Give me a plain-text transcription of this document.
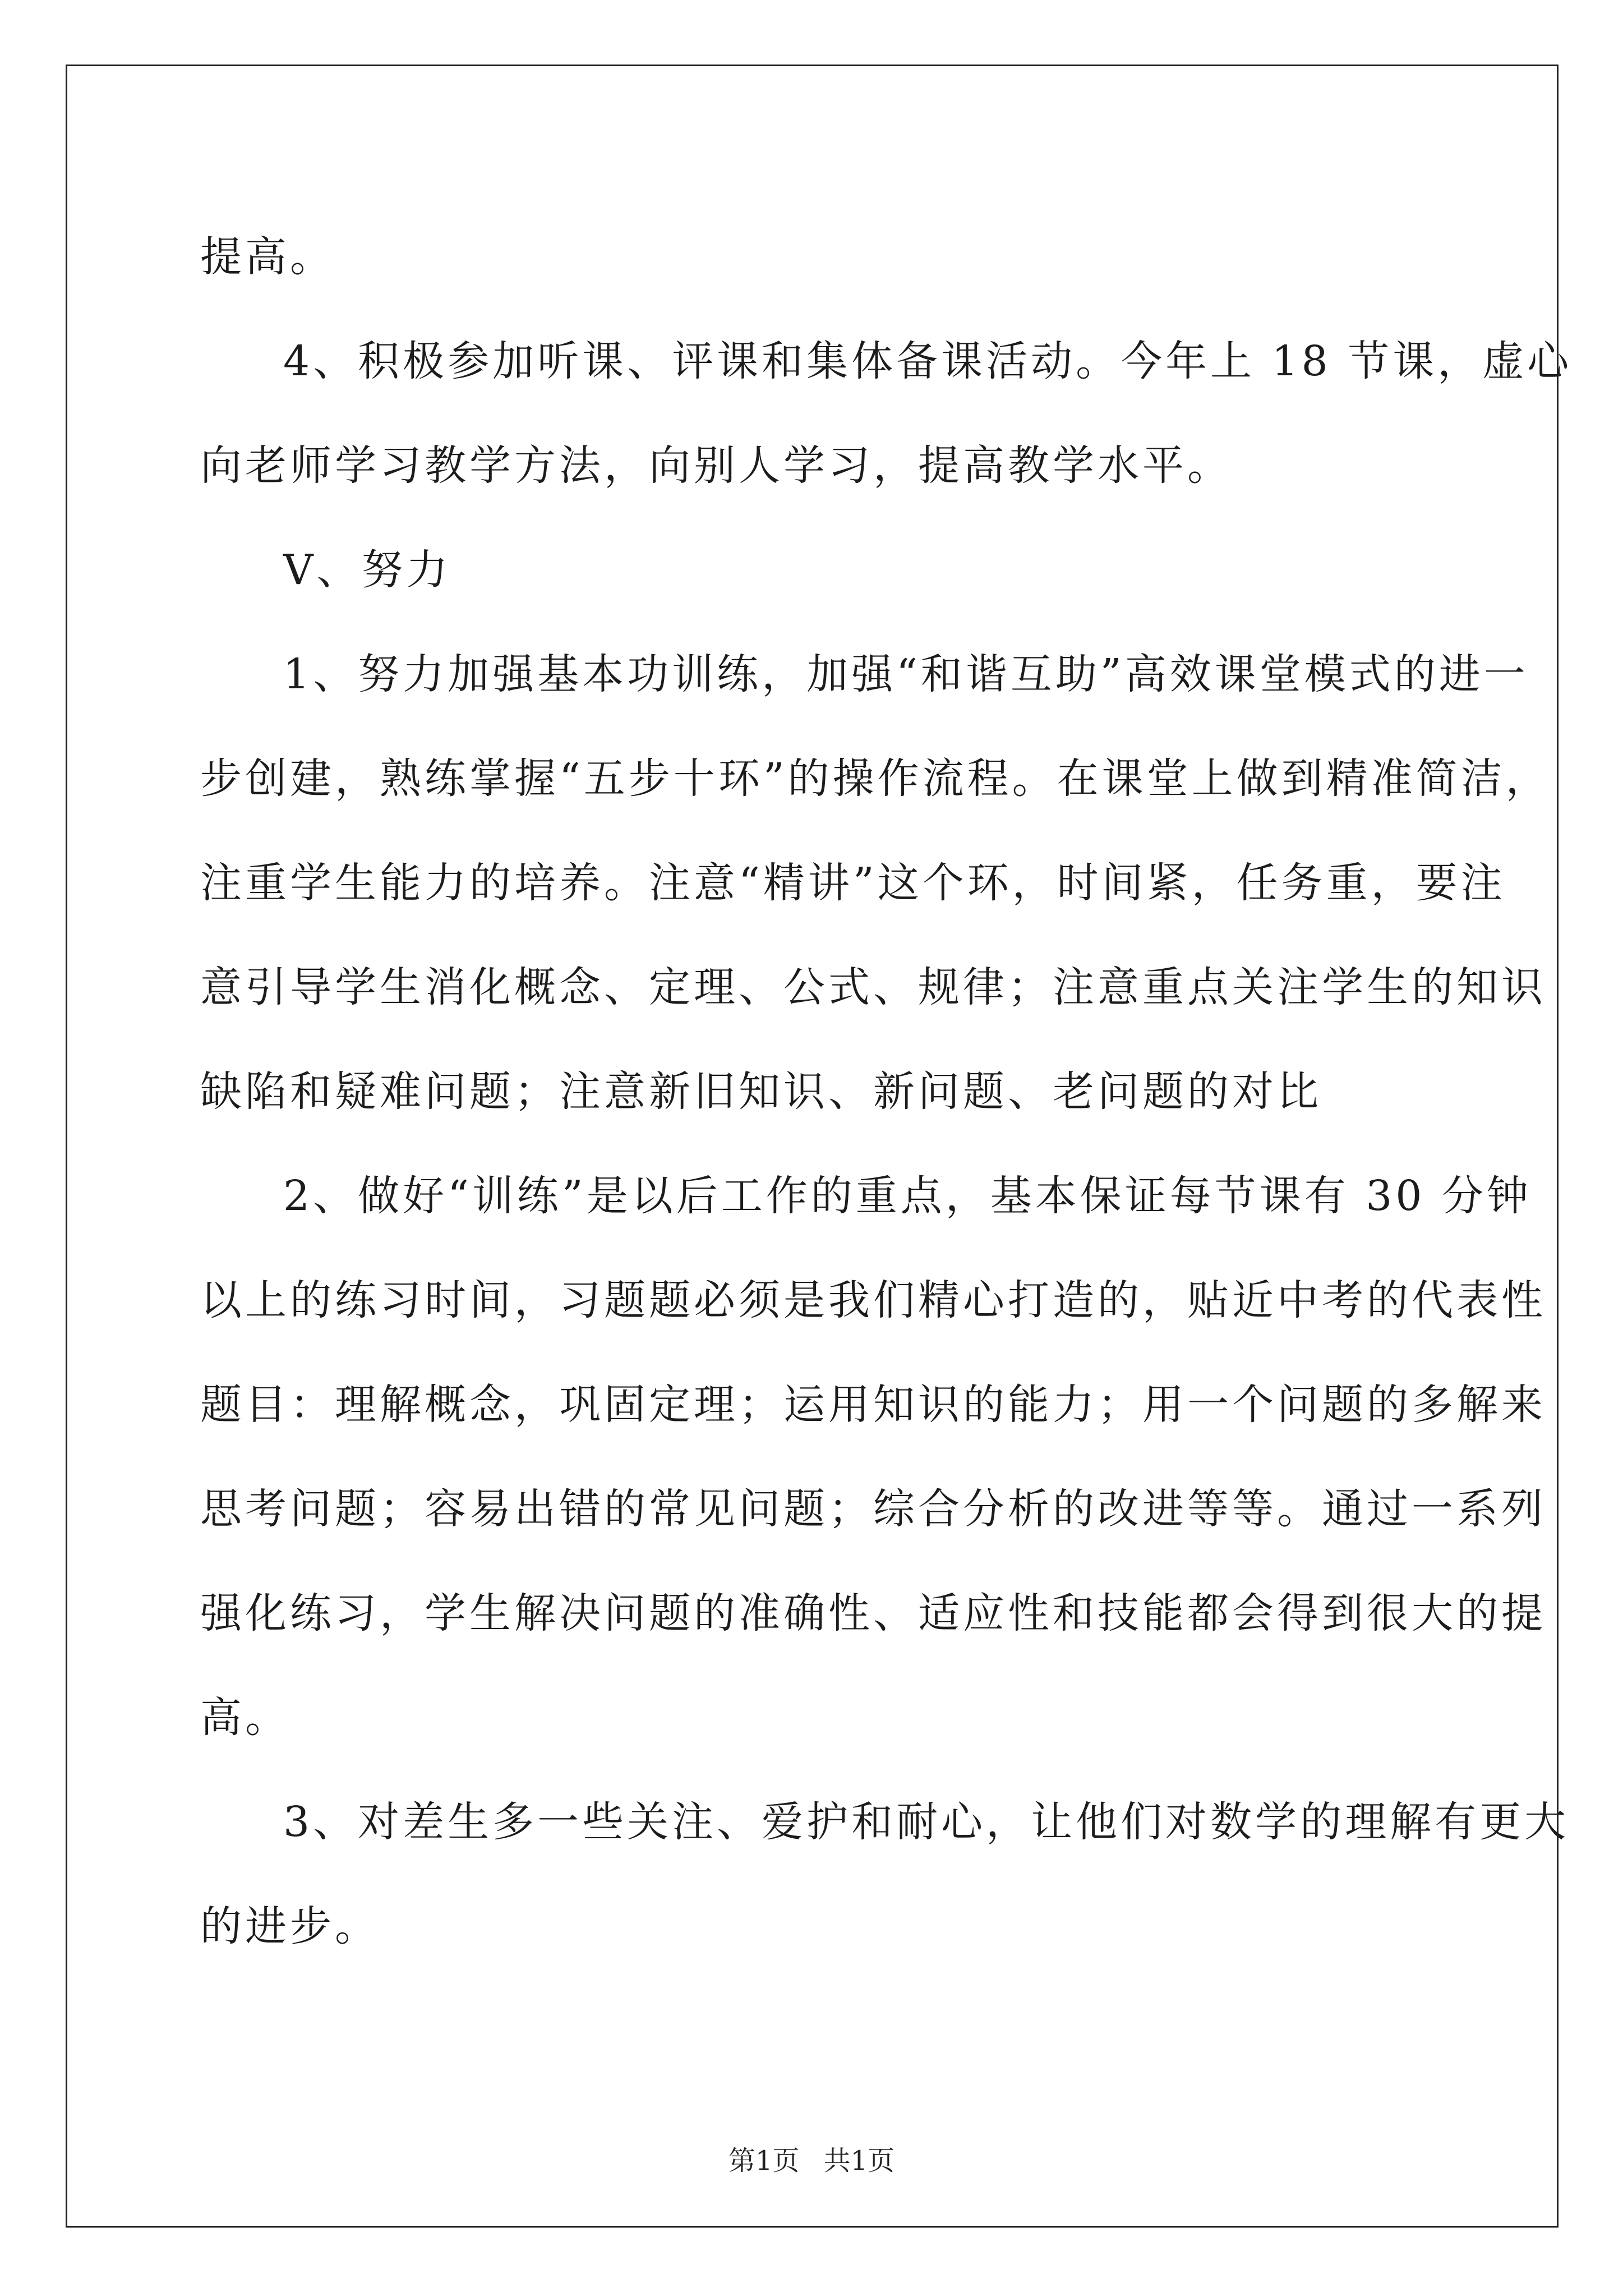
提高。
4、积极参加听课、评课和集体备课活动。今年上 18 节课，虚心
向老师学习教学方法，向别人学习，提高教学水平。
V、努力
1、努力加强基本功训练，加强“和谐互助”高效课堂模式的进一
步创建，熟练掌握“五步十环”的操作流程。在课堂上做到精准简洁，
注重学生能力的培养。注意“精讲”这个环，时间紧，任务重，要注
意引导学生消化概念、定理、公式、规律；注意重点关注学生的知识
缺陷和疑难问题；注意新旧知识、新问题、老问题的对比
2、做好“训练”是以后工作的重点，基本保证每节课有 30 分钟
以上的练习时间，习题题必须是我们精心打造的，贴近中考的代表性
题目：理解概念，巩固定理；运用知识的能力；用一个问题的多解来
思考问题；容易出错的常见问题；综合分析的改进等等。通过一系列
强化练习，学生解决问题的准确性、适应性和技能都会得到很大的提
高。
3、对差生多一些关注、爱护和耐心，让他们对数学的理解有更大
的进步。
第1页 共1页
